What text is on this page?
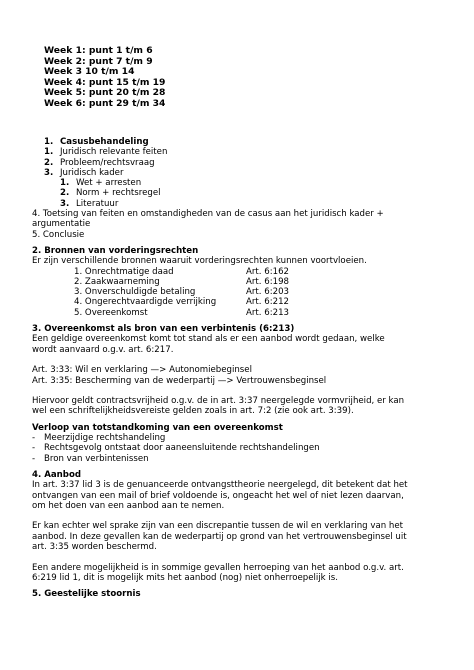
Week 1: punt 1 t/m 6
Week 2: punt 7 t/m 9
Week 3 10 t/m 14
Week 4: punt 15 t/m 19
Week 5: punt 20 t/m 28
Week 6: punt 29 t/m 34
1. Casusbehandeling
1. Juridisch relevante feiten
2. Probleem/rechtsvraag
3. Juridisch kader
1. Wet + arresten
2. Norm + rechtsregel
3. Literatuur
4. Toetsing van feiten en omstandigheden van de casus aan het juridisch kader +
argumentatie
5. Conclusie
2. Bronnen van vorderingsrechten
Er zijn verschillende bronnen waaruit vorderingsrechten kunnen voortvloeien.
1. Onrechtmatige daad	Art. 6:162
2. Zaakwaarneming	Art. 6:198
3. Onverschuldigde betaling	Art. 6:203
4. Ongerechtvaardigde verrijking	Art. 6:212
5. Overeenkomst	Art. 6:213
3. Overeenkomst als bron van een verbintenis (6:213)
Een geldige overeenkomst komt tot stand als er een aanbod wordt gedaan, welke
wordt aanvaard o.g.v. art. 6:217.
Art. 3:33: Wil en verklaring —> Autonomiebeginsel
Art. 3:35: Bescherming van de wederpartij —> Vertrouwensbeginsel
Hiervoor geldt contractsvrijheid o.g.v. de in art. 3:37 neergelegde vormvrijheid, er kan
wel een schriftelijkheidsvereiste gelden zoals in art. 7:2 (zie ook art. 3:39).
Verloop van totstandkoming van een overeenkomst
- Meerzijdige rechtshandeling
- Rechtsgevolg ontstaat door aaneensluitende rechtshandelingen
- Bron van verbintenissen
4. Aanbod
In art. 3:37 lid 3 is de genuanceerde ontvangsttheorie neergelegd, dit betekent dat het
ontvangen van een mail of brief voldoende is, ongeacht het wel of niet lezen daarvan,
om het doen van een aanbod aan te nemen.
Er kan echter wel sprake zijn van een discrepantie tussen de wil en verklaring van het
aanbod. In deze gevallen kan de wederpartij op grond van het vertrouwensbeginsel uit
art. 3:35 worden beschermd.
Een andere mogelijkheid is in sommige gevallen herroeping van het aanbod o.g.v. art.
6:219 lid 1, dit is mogelijk mits het aanbod (nog) niet onherroepelijk is.
5. Geestelijke stoornis
